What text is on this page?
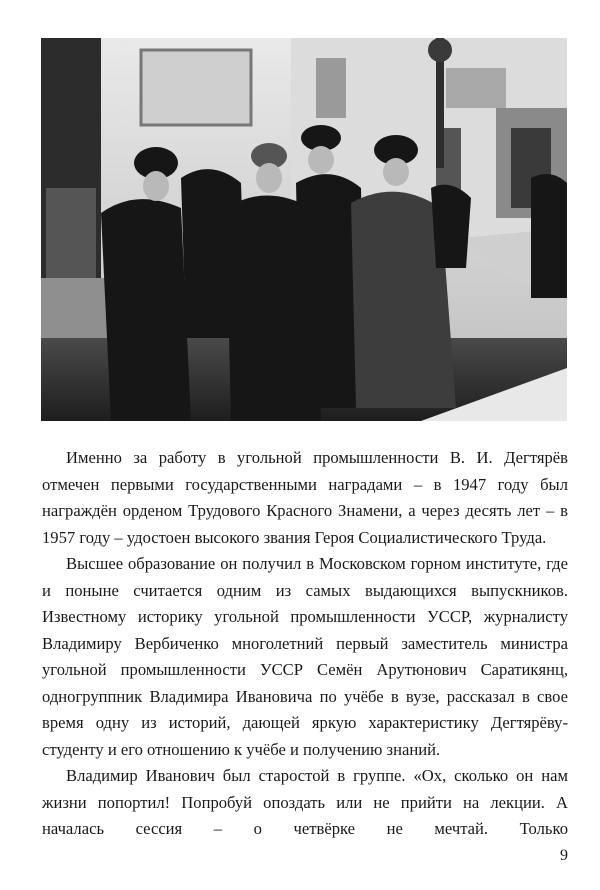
Именно за работу в угольной промышленности В. И. Дегтярёв отмечен первыми государственными наградами – в 1947 году был награждён орденом Трудового Красного Знамени, а через десять лет – в 1957 году – удостоен высокого звания Героя Социалистического Труда.

Высшее образование он получил в Московском горном институте, где и поныне считается одним из самых выдающихся выпускников. Известному историку угольной промышленности УССР, журналисту Владимиру Вербиченко многолетний первый заместитель министра угольной промышленности УССР Семён Арутюнович Саратикянц, одногруппник Владимира Ивановича по учёбе в вузе, рассказал в свое время одну из историй, дающей яркую характеристику Дегтярёву-студенту и его отношению к учёбе и получению знаний.

Владимир Иванович был старостой в группе. «Ох, сколько он нам жизни попортил! Попробуй опоздать или не прийти на лекции. А началась сессия – о четвёрке не мечтай. Только

9
